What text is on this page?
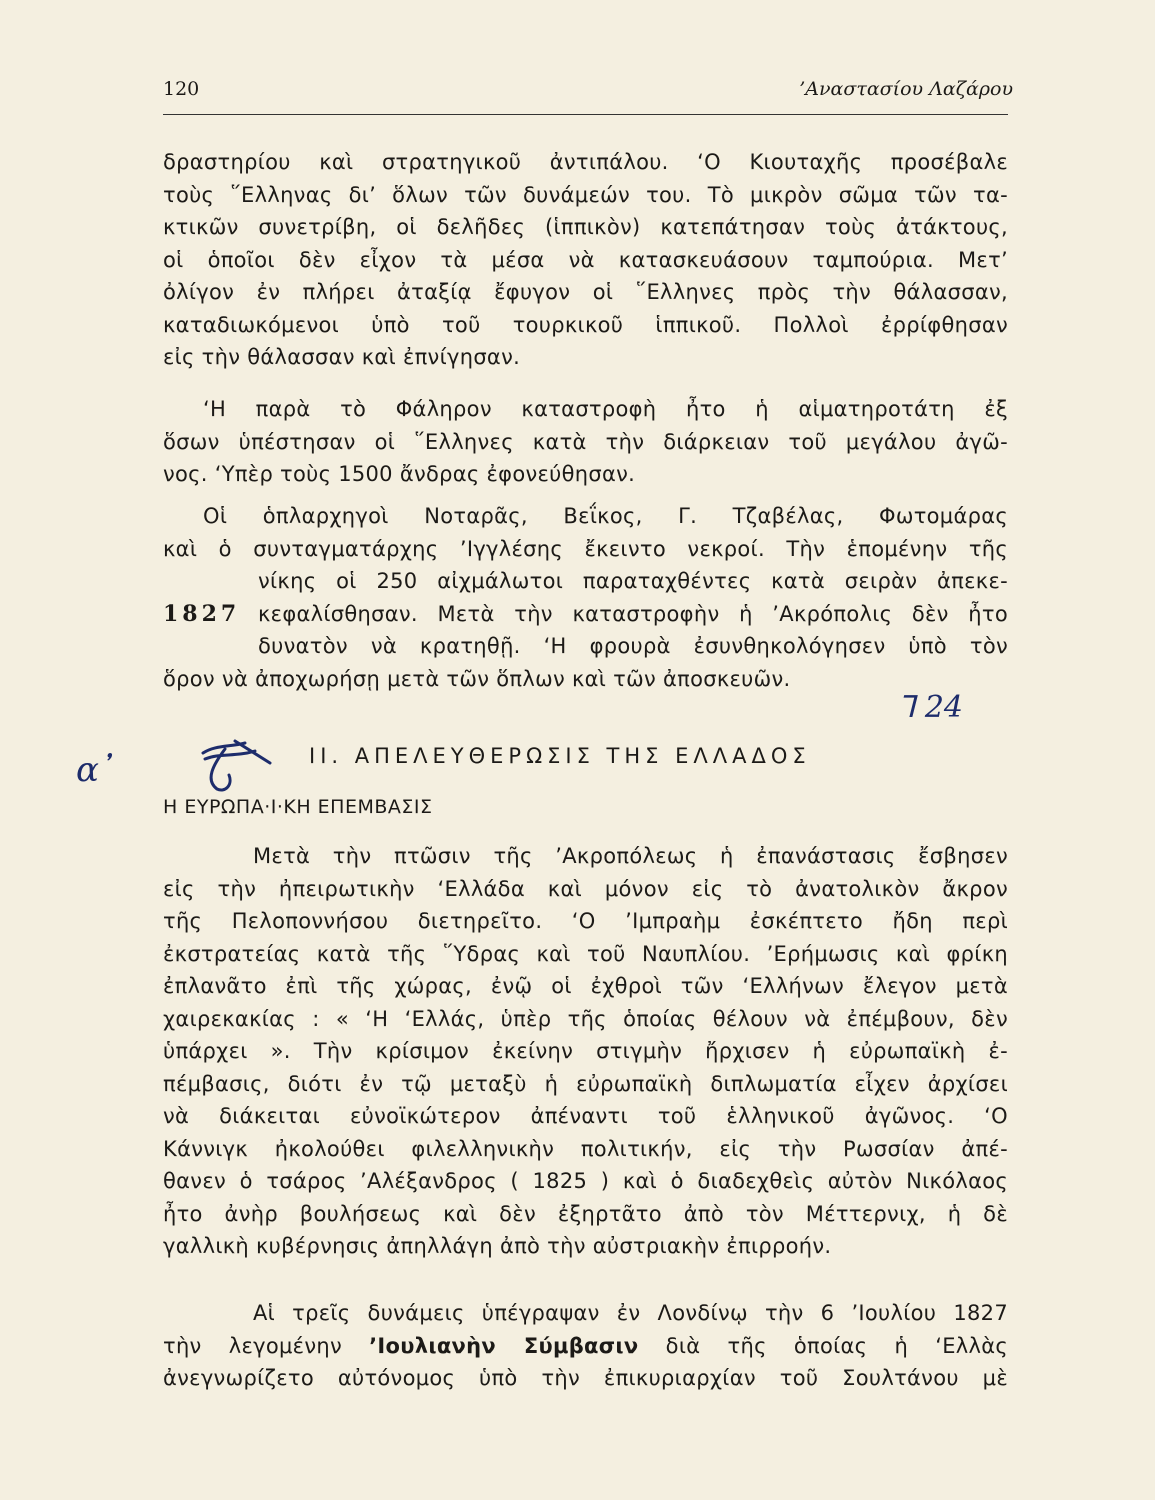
120	’Αναστασίου Λαζάρου
δραστηρίου καὶ στρατηγικοῦ ἀντιπάλου. ‘Ο Κιουταχῆς προσέβαλε
τοὺς ῞Ελληνας δι’ ὅλων τῶν δυνάμεών του. Τὸ μικρὸν σῶμα τῶν τα-
κτικῶν συνετρίβη, οἱ δελῆδες (ἱππικὸν) κατεπάτησαν τοὺς ἀτάκτους,
οἱ ὁποῖοι δὲν εἶχον τὰ μέσα νὰ κατασκευάσουν ταμπούρια. Μετ’
ὀλίγον ἐν πλήρει ἀταξίᾳ ἔφυγον οἱ ῞Ελληνες πρὸς τὴν θάλασσαν,
καταδιωκόμενοι ὑπὸ τοῦ τουρκικοῦ ἱππικοῦ. Πολλοὶ ἐρρίφθησαν
εἰς τὴν θάλασσαν καὶ ἐπνίγησαν.
‘Η παρὰ τὸ Φάληρον καταστροφὴ ἦτο ἡ αἱματηροτάτη ἐξ
ὅσων ὑπέστησαν οἱ ῞Ελληνες κατὰ τὴν διάρκειαν τοῦ μεγάλου ἀγῶ-
νος. ‘Υπὲρ τοὺς 1500 ἄνδρας ἐφονεύθησαν.
Οἱ ὁπλαρχηγοὶ Νοταρᾶς, Βεΐκος, Γ. Τζαβέλας, Φωτομάρας
καὶ ὁ συνταγματάρχης ’Ιγγλέσης ἔκειντο νεκροί. Τὴν ἑπομένην τῆς
νίκης οἱ 250 αἰχμάλωτοι παραταχθέντες κατὰ σειρὰν ἀπεκε-
κεφαλίσθησαν. Μετὰ τὴν καταστροφὴν ἡ ’Ακρόπολις δὲν ἦτο
δυνατὸν νὰ κρατηθῇ. ‘Η φρουρὰ ἐσυνθηκολόγησεν ὑπὸ τὸν
ὅρον νὰ ἀποχωρήσῃ μετὰ τῶν ὅπλων καὶ τῶν ἀποσκευῶν.
1827
ᒣ 24
α᾽	ΙΙ. ΑΠΕΛΕΥΘΕΡΩΣΙΣ ΤΗΣ ΕΛΛΑΔΟΣ
Η ΕΥΡΩΠΑ·Ι·ΚΗ ΕΠΕΜΒΑΣΙΣ
Μετὰ τὴν πτῶσιν τῆς ’Ακροπόλεως ἡ ἐπανάστασις ἔσβησεν
εἰς τὴν ἠπειρωτικὴν ‘Ελλάδα καὶ μόνον εἰς τὸ ἀνατολικὸν ἄκρον
τῆς Πελοποννήσου διετηρεῖτο. ‘Ο ’Ιμπραὴμ ἐσκέπτετο ἤδη περὶ
ἐκστρατείας κατὰ τῆς ῞Υδρας καὶ τοῦ Ναυπλίου. ’Ερήμωσις καὶ φρίκη
ἐπλανᾶτο ἐπὶ τῆς χώρας, ἐνῷ οἱ ἐχθροὶ τῶν ‘Ελλήνων ἔλεγον μετὰ
χαιρεκακίας : « ‘Η ‘Ελλάς, ὑπὲρ τῆς ὁποίας θέλουν νὰ ἐπέμβουν, δὲν
ὑπάρχει ». Τὴν κρίσιμον ἐκείνην στιγμὴν ἤρχισεν ἡ εὐρωπαϊκὴ ἐ-
πέμβασις, διότι ἐν τῷ μεταξὺ ἡ εὐρωπαϊκὴ διπλωματία εἶχεν ἀρχίσει
νὰ διάκειται εὐνοϊκώτερον ἀπέναντι τοῦ ἑλληνικοῦ ἀγῶνος. ‘Ο
Κάννιγκ ἠκολούθει φιλελληνικὴν πολιτικήν, εἰς τὴν Ρωσσίαν ἀπέ-
θανεν ὁ τσάρος ’Αλέξανδρος ( 1825 ) καὶ ὁ διαδεχθεὶς αὐτὸν Νικόλαος
ἦτο ἀνὴρ βουλήσεως καὶ δὲν ἐξηρτᾶτο ἀπὸ τὸν Μέττερνιχ, ἡ δὲ
γαλλικὴ κυβέρνησις ἀπηλλάγη ἀπὸ τὴν αὐστριακὴν ἐπιρροήν.
Αἱ τρεῖς δυνάμεις ὑπέγραψαν ἐν Λονδίνῳ τὴν 6 ’Ιουλίου 1827
τὴν λεγομένην ’Ιουλιανὴν Σύμβασιν διὰ τῆς ὁποίας ἡ ‘Ελλὰς
ἀνεγνωρίζετο αὐτόνομος ὑπὸ τὴν ἐπικυριαρχίαν τοῦ Σουλτάνου μὲ
